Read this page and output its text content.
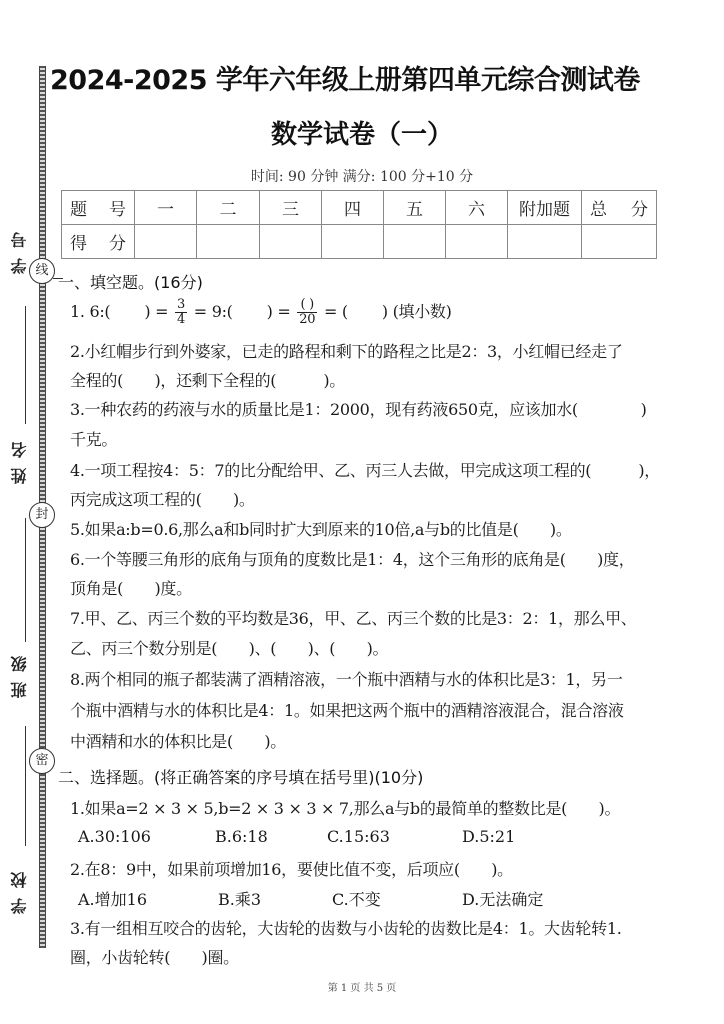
线
封
密
学号
姓名
班级
学校
2024-2025 学年六年级上册第四单元综合测试卷
数学试卷（一）
时间: 90 分钟 满分: 100 分+10 分
题号	一	二	三	四	五	六	附加题	总分
得分								
一、填空题。(16分)
1. 6:( ) = $\frac{3}{4}$ = 9:( ) = $\frac{( )}{20}$ = ( ) (填小数)
2.小红帽步行到外婆家，已走的路程和剩下的路程之比是2：3，小红帽已经走了
全程的(　　)，还剩下全程的(　　　)。
3.一种农药的药液与水的质量比是1：2000，现有药液650克，应该加水(　　　　)
千克。
4.一项工程按4：5：7的比分配给甲、乙、丙三人去做，甲完成这项工程的(　　　)，
丙完成这项工程的(　　)。
5.如果a:b=0.6,那么a和b同时扩大到原来的10倍,a与b的比值是(　　)。
6.一个等腰三角形的底角与顶角的度数比是1：4，这个三角形的底角是(　　)度，
顶角是(　　)度。
7.甲、乙、丙三个数的平均数是36，甲、乙、丙三个数的比是3：2：1，那么甲、
乙、丙三个数分别是(　　)、(　　)、(　　)。
8.两个相同的瓶子都装满了酒精溶液，一个瓶中酒精与水的体积比是3：1，另一
个瓶中酒精与水的体积比是4：1。如果把这两个瓶中的酒精溶液混合，混合溶液
中酒精和水的体积比是(　　)。
二、选择题。(将正确答案的序号填在括号里)(10分)
1.如果a=2 × 3 × 5,b=2 × 3 × 3 × 7,那么a与b的最简单的整数比是(　　)。
A.30:106	B.6:18	C.15:63	D.5:21
2.在8：9中，如果前项增加16，要使比值不变，后项应(　　)。
A.增加16	B.乘3	C.不变	D.无法确定
3.有一组相互咬合的齿轮，大齿轮的齿数与小齿轮的齿数比是4：1。大齿轮转1.
圈，小齿轮转(　　)圈。
第 1 页 共 5 页
